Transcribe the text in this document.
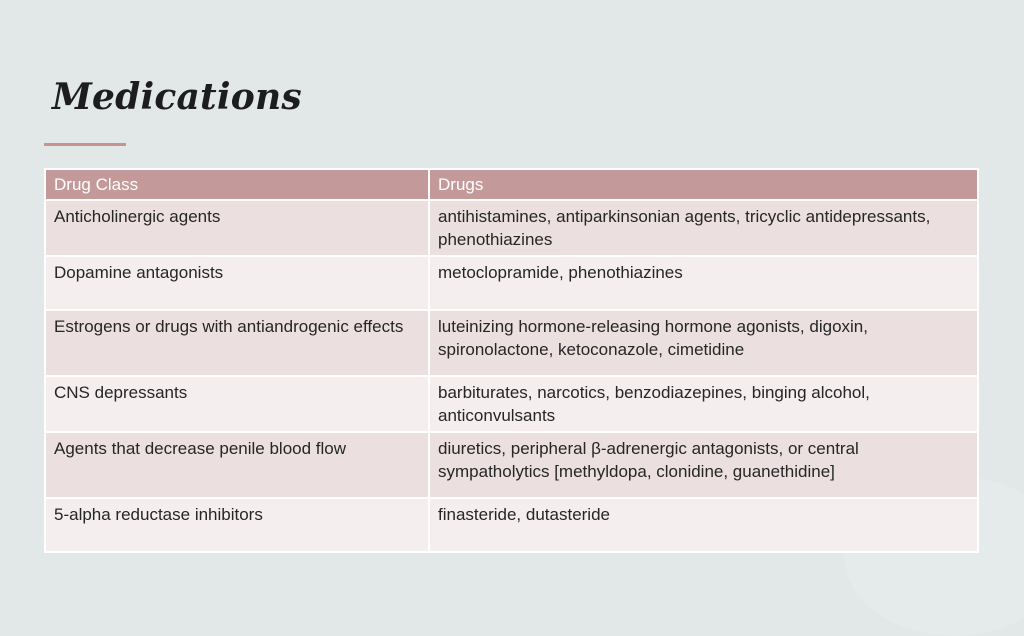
Medications
Drug Class	Drugs
Anticholinergic agents	antihistamines, antiparkinsonian agents, tricyclic antidepressants, phenothiazines
Dopamine antagonists	metoclopramide, phenothiazines
Estrogens or drugs with antiandrogenic effects	luteinizing hormone-releasing hormone agonists, digoxin, spironolactone, ketoconazole, cimetidine
CNS depressants	barbiturates, narcotics, benzodiazepines, binging alcohol, anticonvulsants
Agents that decrease penile blood flow	diuretics, peripheral β-adrenergic antagonists, or central sympatholytics [methyldopa, clonidine, guanethidine]
5-alpha reductase inhibitors	finasteride, dutasteride
